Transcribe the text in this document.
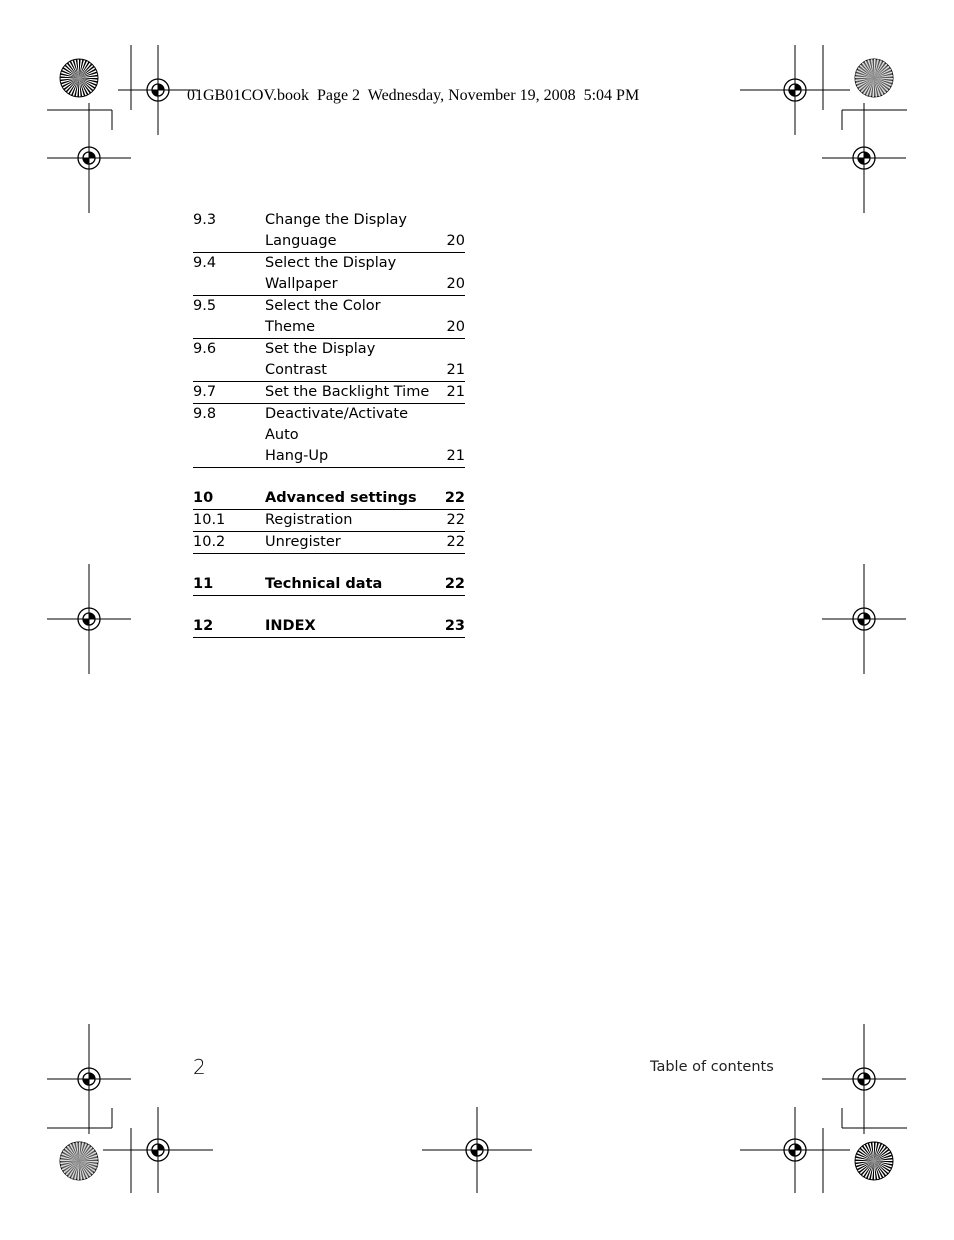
01GB01COV.book  Page 2  Wednesday, November 19, 2008  5:04 PM
9.3	Change the Display
Language	20
9.4	Select the Display
Wallpaper	20
9.5	Select the Color Theme	20
9.6	Set the Display Contrast	21
9.7	Set the Backlight Time	21
9.8	Deactivate/Activate Auto
Hang-Up	21
10	Advanced settings	22
10.1	Registration	22
10.2	Unregister	22
11	Technical data	22
12	INDEX	23
2	Table of contents
